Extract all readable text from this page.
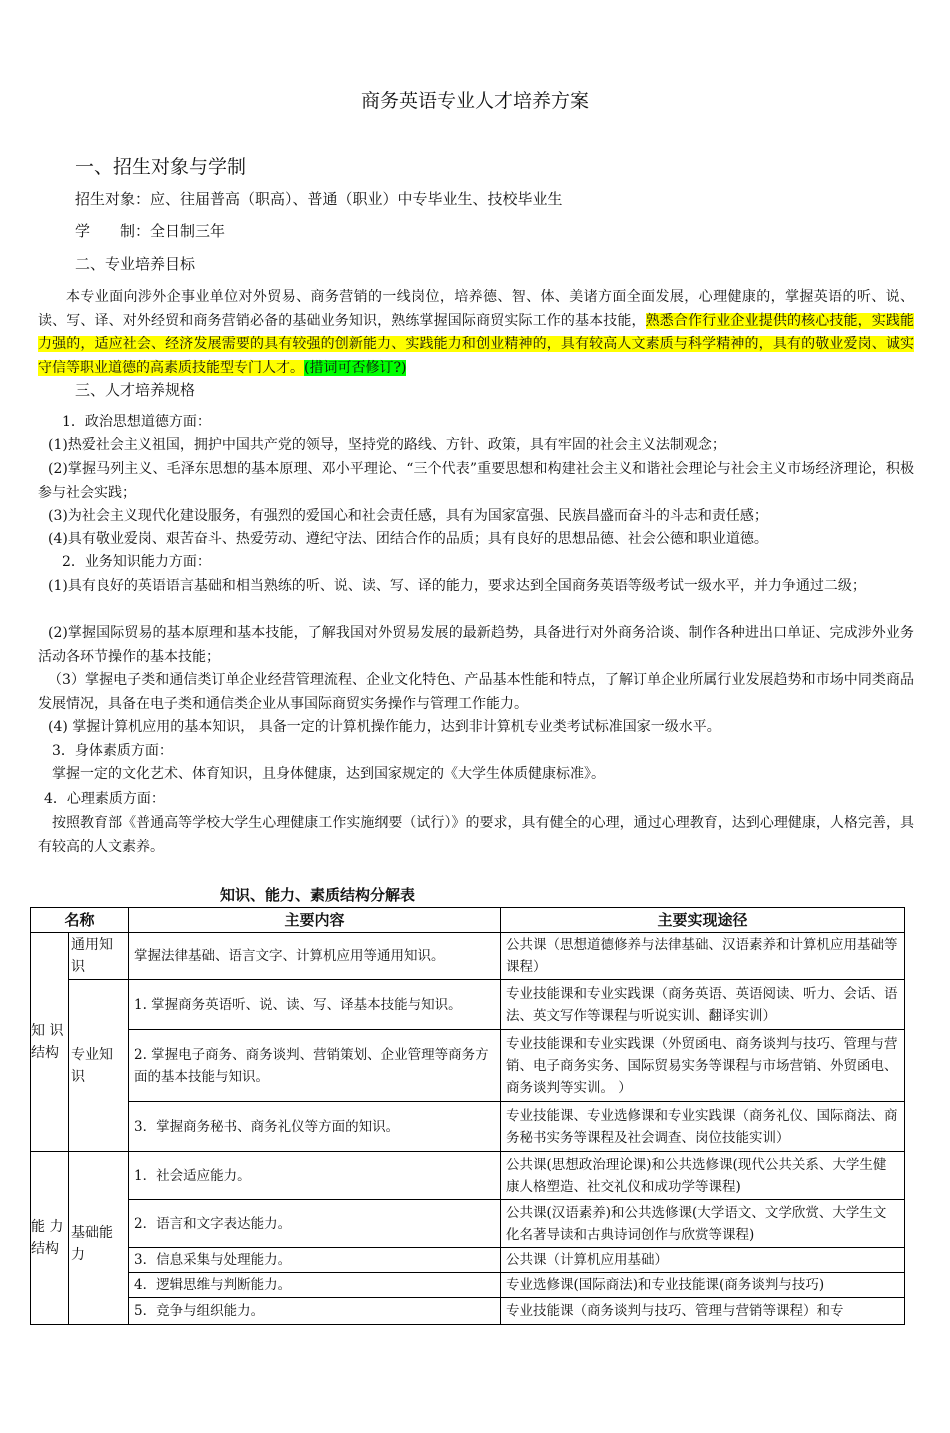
商务英语专业人才培养方案
一、招生对象与学制
招生对象：应、往届普高（职高）、普通（职业）中专毕业生、技校毕业生
学　　制：全日制三年
二、专业培养目标
本专业面向涉外企事业单位对外贸易、商务营销的一线岗位，培养德、智、体、美诸方面全面发展，心理健康的，掌握英语的听、说、读、写、译、对外经贸和商务营销必备的基础业务知识，熟练掌握国际商贸实际工作的基本技能，熟悉合作行业企业提供的核心技能，实践能力强的，适应社会、经济发展需要的具有较强的创新能力、实践能力和创业精神的，具有较高人文素质与科学精神的，具有的敬业爱岗、诚实守信等职业道德的高素质技能型专门人才。(措词可否修订?)
三、人才培养规格
1．政治思想道德方面：
(1)热爱社会主义祖国，拥护中国共产党的领导，坚持党的路线、方针、政策，具有牢固的社会主义法制观念；
(2)掌握马列主义、毛泽东思想的基本原理、邓小平理论、“三个代表”重要思想和构建社会主义和谐社会理论与社会主义市场经济理论，积极参与社会实践；
(3)为社会主义现代化建设服务，有强烈的爱国心和社会责任感，具有为国家富强、民族昌盛而奋斗的斗志和责任感；
(4)具有敬业爱岗、艰苦奋斗、热爱劳动、遵纪守法、团结合作的品质；具有良好的思想品德、社会公德和职业道德。
2．业务知识能力方面：
(1)具有良好的英语语言基础和相当熟练的听、说、读、写、译的能力，要求达到全国商务英语等级考试一级水平，并力争通过二级；
(2)掌握国际贸易的基本原理和基本技能，了解我国对外贸易发展的最新趋势，具备进行对外商务洽谈、制作各种进出口单证、完成涉外业务活动各环节操作的基本技能；
（3）掌握电子类和通信类订单企业经营管理流程、企业文化特色、产品基本性能和特点，了解订单企业所属行业发展趋势和市场中同类商品发展情况，具备在电子类和通信类企业从事国际商贸实务操作与管理工作能力。
(4) 掌握计算机应用的基本知识， 具备一定的计算机操作能力，达到非计算机专业类考试标准国家一级水平。
3．身体素质方面：
掌握一定的文化艺术、体育知识，且身体健康，达到国家规定的《大学生体质健康标准》。
4．心理素质方面：
按照教育部《普通高等学校大学生心理健康工作实施纲要（试行）》的要求，具有健全的心理，通过心理教育，达到心理健康，人格完善，具有较高的人文素养。
知识、能力、素质结构分解表
名称		主要内容	主要实现途径
知 识结构	通用知识	掌握法律基础、语言文字、计算机应用等通用知识。	公共课（思想道德修养与法律基础、汉语素养和计算机应用基础等课程）
	专业知识	1. 掌握商务英语听、说、读、写、译基本技能与知识。	专业技能课和专业实践课（商务英语、英语阅读、听力、会话、语法、英文写作等课程与听说实训、翻译实训）
		2. 掌握电子商务、商务谈判、营销策划、企业管理等商务方面的基本技能与知识。	专业技能课和专业实践课（外贸函电、商务谈判与技巧、管理与营销、电子商务实务、国际贸易实务等课程与市场营销、外贸函电、商务谈判等实训。 ）
		3．掌握商务秘书、商务礼仪等方面的知识。	专业技能课、专业选修课和专业实践课（商务礼仪、国际商法、商务秘书实务等课程及社会调查、岗位技能实训）
能 力结构	基础能力	1．社会适应能力。	公共课(思想政治理论课)和公共选修课(现代公共关系、大学生健康人格塑造、社交礼仪和成功学等课程)
		2．语言和文字表达能力。	公共课(汉语素养)和公共选修课(大学语文、文学欣赏、大学生文化名著导读和古典诗词创作与欣赏等课程)
		3．信息采集与处理能力。	公共课（计算机应用基础）
		4．逻辑思维与判断能力。	专业选修课(国际商法)和专业技能课(商务谈判与技巧)
		5．竞争与组织能力。	专业技能课（商务谈判与技巧、管理与营销等课程）和专
